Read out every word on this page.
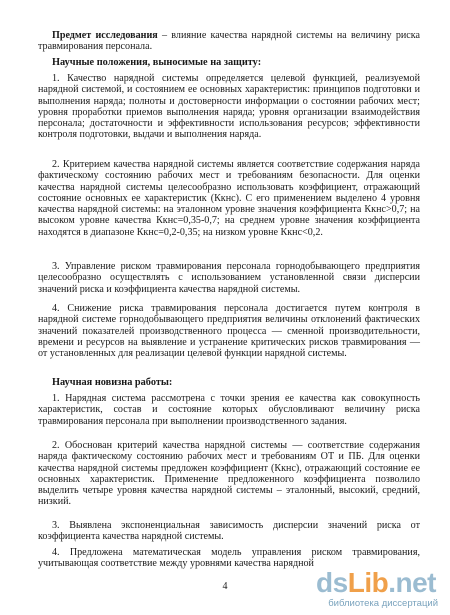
Предмет исследования – влияние качества нарядной системы на величину риска травмирования персонала.

Научные положения, выносимые на защиту:

1. Качество нарядной системы определяется целевой функцией, реализуемой нарядной системой, и состоянием ее основных характеристик: принципов подготовки и выполнения наряда; полноты и достоверности информации о состоянии рабочих мест; уровня проработки приемов выполнения наряда; уровня организации взаимодействия персонала; достаточности и эффективности использования ресурсов; эффективности контроля подготовки, выдачи и выполнения наряда.

2. Критерием качества нарядной системы является соответствие содержания наряда фактическому состоянию рабочих мест и требованиям безопасности. Для оценки качества нарядной системы целесообразно использовать коэффициент, отражающий состояние основных ее характеристик (Ккнс). С его применением выделено 4 уровня качества нарядной системы: на эталонном уровне значения коэффициента Ккнс>0,7; на высоком уровне качества Ккнс=0,35-0,7; на среднем уровне значения коэффициента находятся в диапазоне Ккнс=0,2-0,35; на низком уровне Ккнс<0,2.

3. Управление риском травмирования персонала горнодобывающего предприятия целесообразно осуществлять с использованием установленной связи дисперсии значений риска и коэффициента качества нарядной системы.

4. Снижение риска травмирования персонала достигается путем контроля в нарядной системе горнодобывающего предприятия величины отклонений фактических значений показателей производственного процесса — сменной производительности, времени и ресурсов на выявление и устранение критических рисков травмирования — от установленных для реализации целевой функции нарядной системы.

Научная новизна работы:

1. Нарядная система рассмотрена с точки зрения ее качества как совокупность характеристик, состав и состояние которых обусловливают величину риска травмирования персонала при выполнении производственного задания.

2. Обоснован критерий качества нарядной системы — соответствие содержания наряда фактическому состоянию рабочих мест и требованиям ОТ и ПБ. Для оценки качества нарядной системы предложен коэффициент (Ккнс), отражающий состояние ее основных характеристик. Применение предложенного коэффициента позволило выделить четыре уровня качества нарядной системы – эталонный, высокий, средний, низкий.

3. Выявлена экспоненциальная зависимость дисперсии значений риска от коэффициента качества нарядной системы.

4. Предложена математическая модель управления риском травмирования, учитывающая соответствие между уровнями качества нарядной

4	dsLib.net
библиотека диссертаций
